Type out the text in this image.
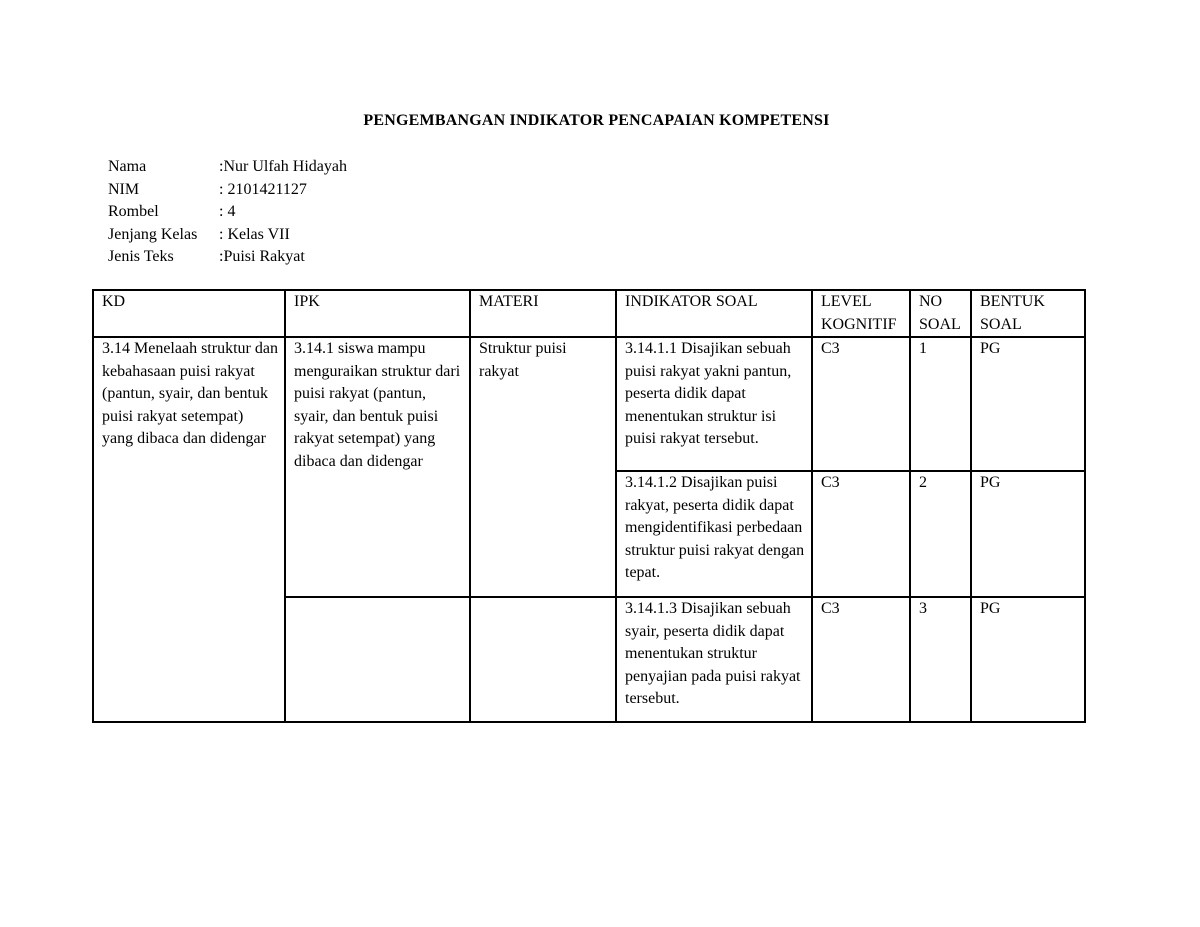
PENGEMBANGAN INDIKATOR PENCAPAIAN KOMPETENSI
Nama	:Nur Ulfah Hidayah
NIM	: 2101421127
Rombel	: 4
Jenjang Kelas	: Kelas VII
Jenis Teks	:Puisi Rakyat
KD	IPK	MATERI	INDIKATOR SOAL	LEVEL KOGNITIF	NO SOAL	BENTUK SOAL
3.14 Menelaah struktur dan kebahasaan puisi rakyat (pantun, syair, dan bentuk puisi rakyat setempat) yang dibaca dan didengar	3.14.1 siswa mampu menguraikan struktur dari puisi rakyat (pantun, syair, dan bentuk puisi rakyat setempat) yang dibaca dan didengar	Struktur puisi rakyat	3.14.1.1 Disajikan sebuah puisi rakyat yakni pantun, peserta didik dapat menentukan struktur isi puisi rakyat tersebut.	C3	1	PG
			3.14.1.2 Disajikan puisi rakyat, peserta didik dapat mengidentifikasi perbedaan struktur puisi rakyat dengan tepat.	C3	2	PG
			3.14.1.3 Disajikan sebuah syair, peserta didik dapat menentukan struktur penyajian pada puisi rakyat tersebut.	C3	3	PG
